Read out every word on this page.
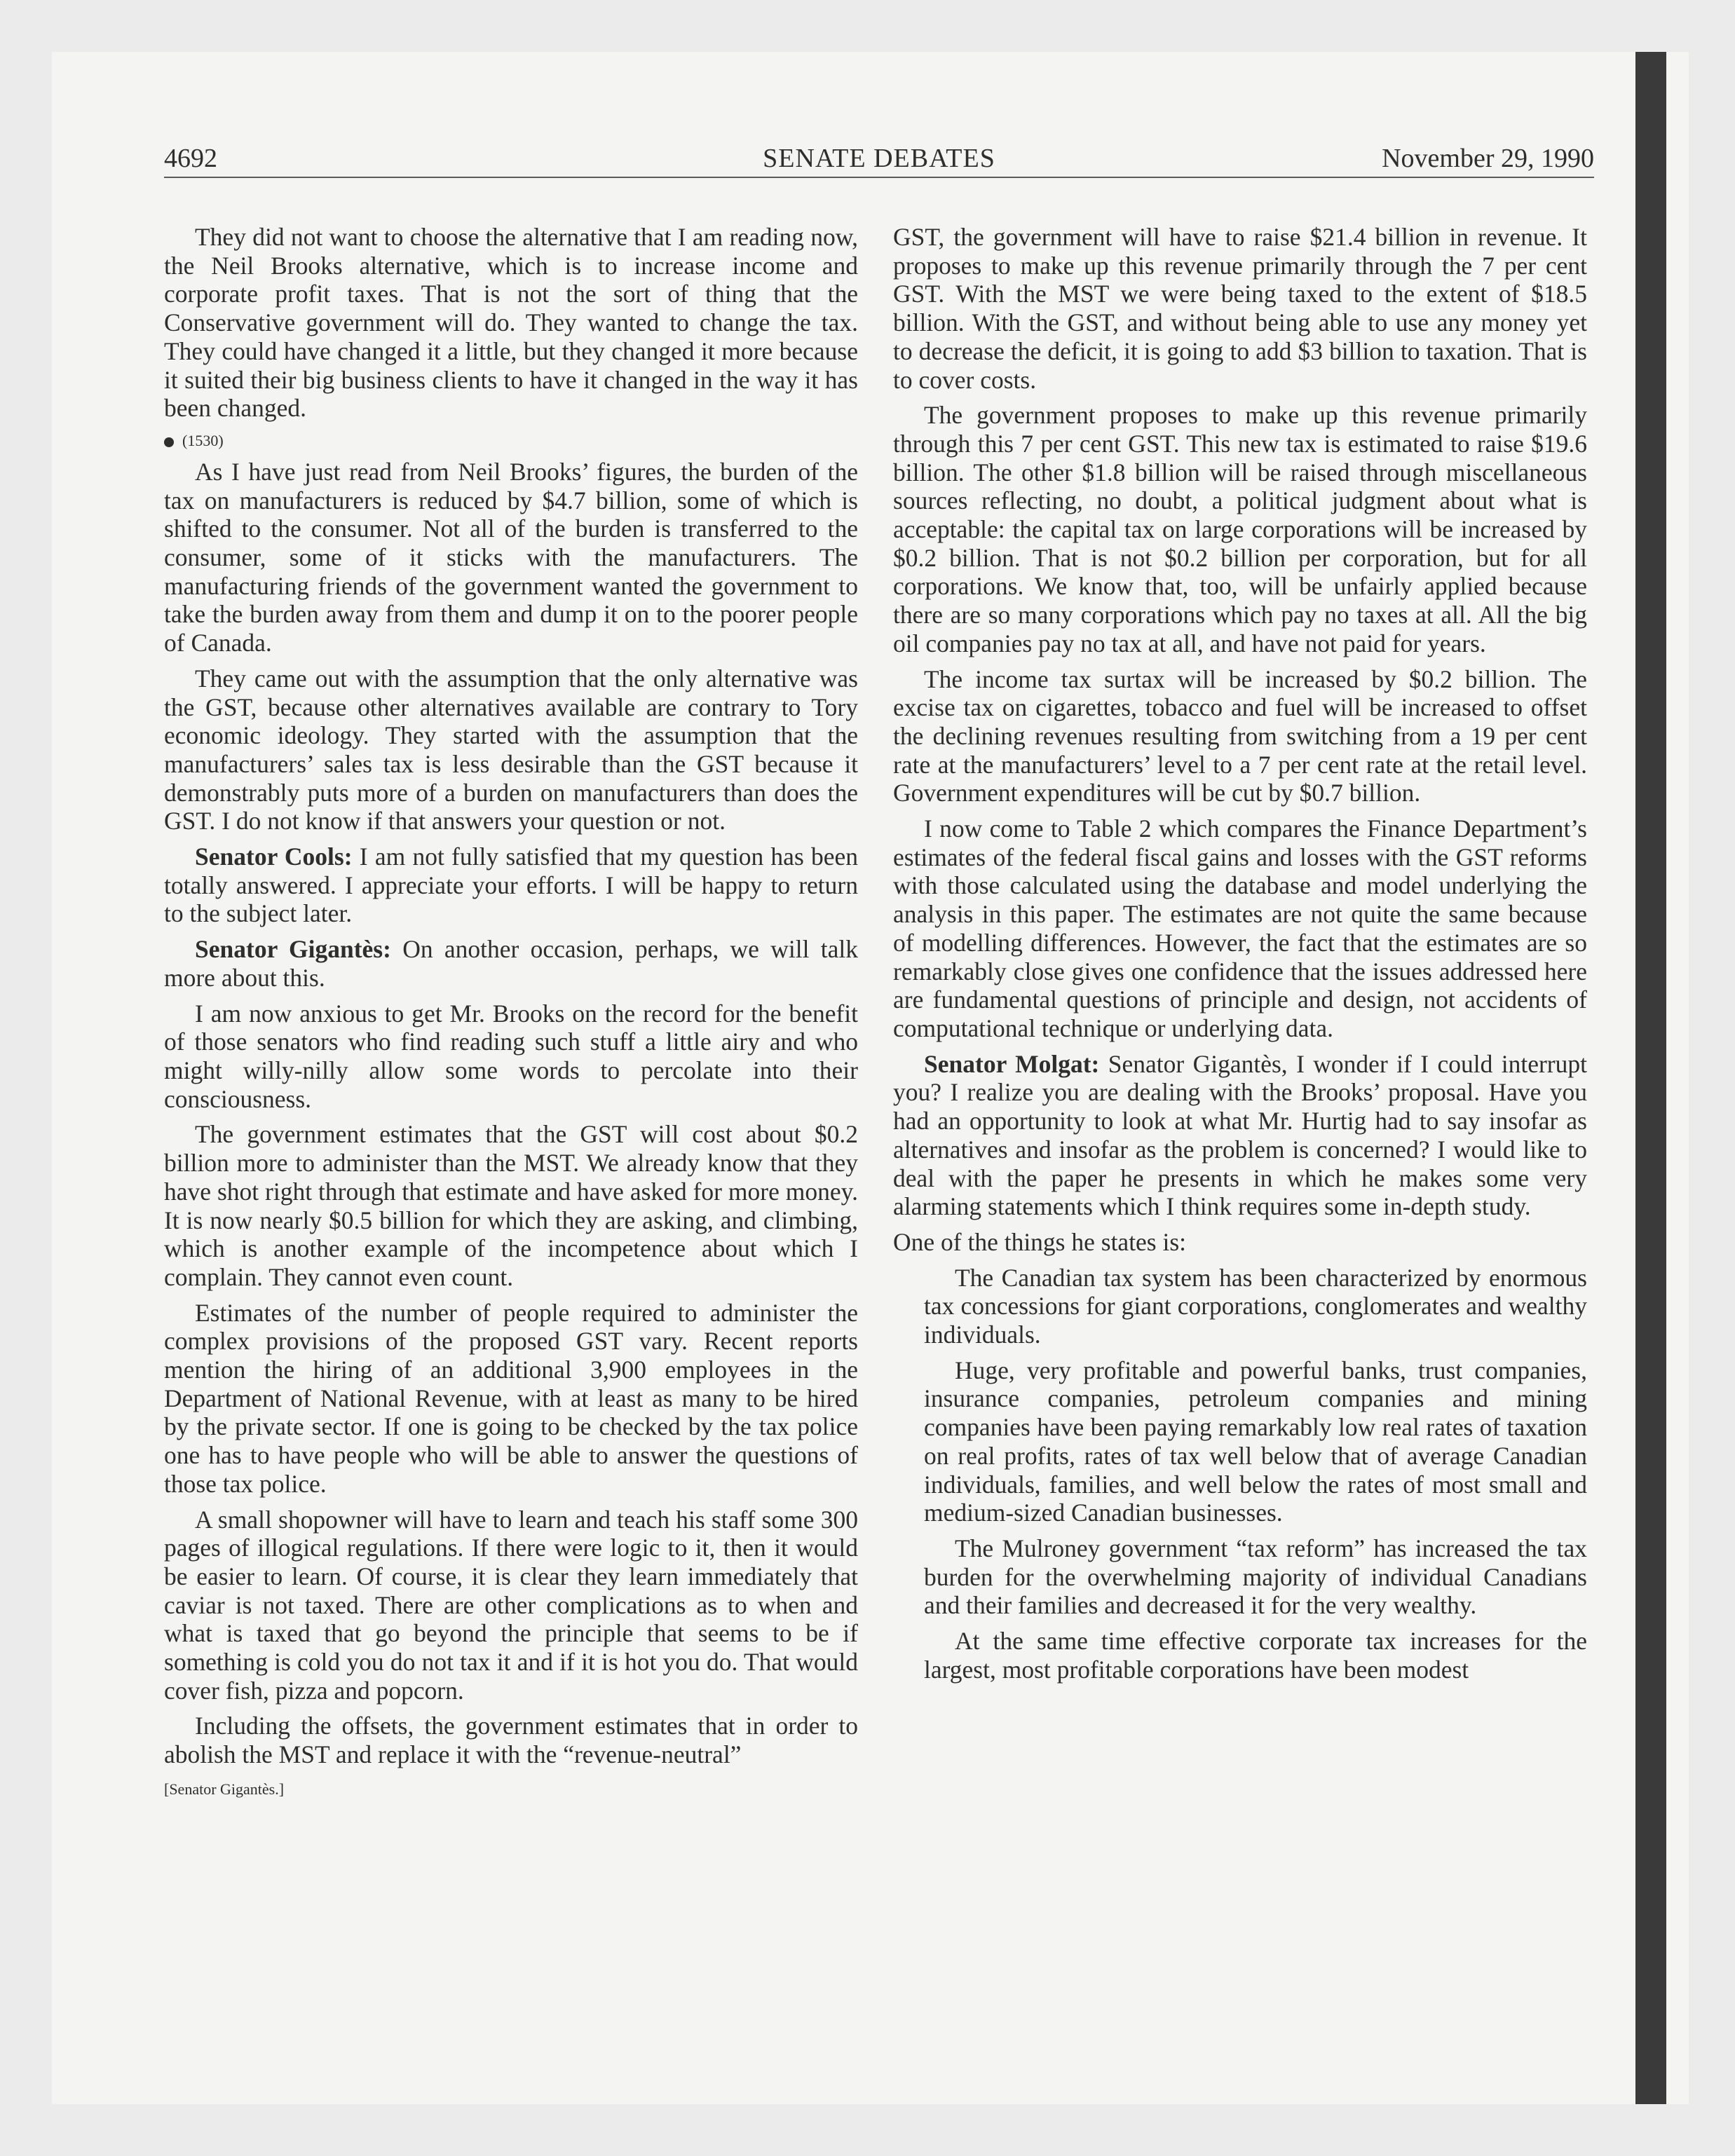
4692	SENATE DEBATES	November 29, 1990

They did not want to choose the alternative that I am reading now, the Neil Brooks alternative, which is to increase income and corporate profit taxes. That is not the sort of thing that the Conservative government will do. They wanted to change the tax. They could have changed it a little, but they changed it more because it suited their big business clients to have it changed in the way it has been changed.

(1530)

As I have just read from Neil Brooks’ figures, the burden of the tax on manufacturers is reduced by $4.7 billion, some of which is shifted to the consumer. Not all of the burden is transferred to the consumer, some of it sticks with the manufacturers. The manufacturing friends of the government wanted the government to take the burden away from them and dump it on to the poorer people of Canada.

They came out with the assumption that the only alternative was the GST, because other alternatives available are contrary to Tory economic ideology. They started with the assumption that the manufacturers’ sales tax is less desirable than the GST because it demonstrably puts more of a burden on manufacturers than does the GST. I do not know if that answers your question or not.

Senator Cools: I am not fully satisfied that my question has been totally answered. I appreciate your efforts. I will be happy to return to the subject later.

Senator Gigantès: On another occasion, perhaps, we will talk more about this.

I am now anxious to get Mr. Brooks on the record for the benefit of those senators who find reading such stuff a little airy and who might willy-nilly allow some words to percolate into their consciousness.

The government estimates that the GST will cost about $0.2 billion more to administer than the MST. We already know that they have shot right through that estimate and have asked for more money. It is now nearly $0.5 billion for which they are asking, and climbing, which is another example of the incompetence about which I complain. They cannot even count.

Estimates of the number of people required to administer the complex provisions of the proposed GST vary. Recent reports mention the hiring of an additional 3,900 employees in the Department of National Revenue, with at least as many to be hired by the private sector. If one is going to be checked by the tax police one has to have people who will be able to answer the questions of those tax police.

A small shopowner will have to learn and teach his staff some 300 pages of illogical regulations. If there were logic to it, then it would be easier to learn. Of course, it is clear they learn immediately that caviar is not taxed. There are other complications as to when and what is taxed that go beyond the principle that seems to be if something is cold you do not tax it and if it is hot you do. That would cover fish, pizza and popcorn.

Including the offsets, the government estimates that in order to abolish the MST and replace it with the “revenue-neutral”

[Senator Gigantès.]

GST, the government will have to raise $21.4 billion in revenue. It proposes to make up this revenue primarily through the 7 per cent GST. With the MST we were being taxed to the extent of $18.5 billion. With the GST, and without being able to use any money yet to decrease the deficit, it is going to add $3 billion to taxation. That is to cover costs.

The government proposes to make up this revenue primarily through this 7 per cent GST. This new tax is estimated to raise $19.6 billion. The other $1.8 billion will be raised through miscellaneous sources reflecting, no doubt, a political judgment about what is acceptable: the capital tax on large corporations will be increased by $0.2 billion. That is not $0.2 billion per corporation, but for all corporations. We know that, too, will be unfairly applied because there are so many corporations which pay no taxes at all. All the big oil companies pay no tax at all, and have not paid for years.

The income tax surtax will be increased by $0.2 billion. The excise tax on cigarettes, tobacco and fuel will be increased to offset the declining revenues resulting from switching from a 19 per cent rate at the manufacturers’ level to a 7 per cent rate at the retail level. Government expenditures will be cut by $0.7 billion.

I now come to Table 2 which compares the Finance Department’s estimates of the federal fiscal gains and losses with the GST reforms with those calculated using the database and model underlying the analysis in this paper. The estimates are not quite the same because of modelling differences. However, the fact that the estimates are so remarkably close gives one confidence that the issues addressed here are fundamental questions of principle and design, not accidents of computational technique or underlying data.

Senator Molgat: Senator Gigantès, I wonder if I could interrupt you? I realize you are dealing with the Brooks’ proposal. Have you had an opportunity to look at what Mr. Hurtig had to say insofar as alternatives and insofar as the problem is concerned? I would like to deal with the paper he presents in which he makes some very alarming statements which I think requires some in-depth study.

One of the things he states is:

The Canadian tax system has been characterized by enormous tax concessions for giant corporations, conglomerates and wealthy individuals.

Huge, very profitable and powerful banks, trust companies, insurance companies, petroleum companies and mining companies have been paying remarkably low real rates of taxation on real profits, rates of tax well below that of average Canadian individuals, families, and well below the rates of most small and medium-sized Canadian businesses.

The Mulroney government “tax reform” has increased the tax burden for the overwhelming majority of individual Canadians and their families and decreased it for the very wealthy.

At the same time effective corporate tax increases for the largest, most profitable corporations have been modest
